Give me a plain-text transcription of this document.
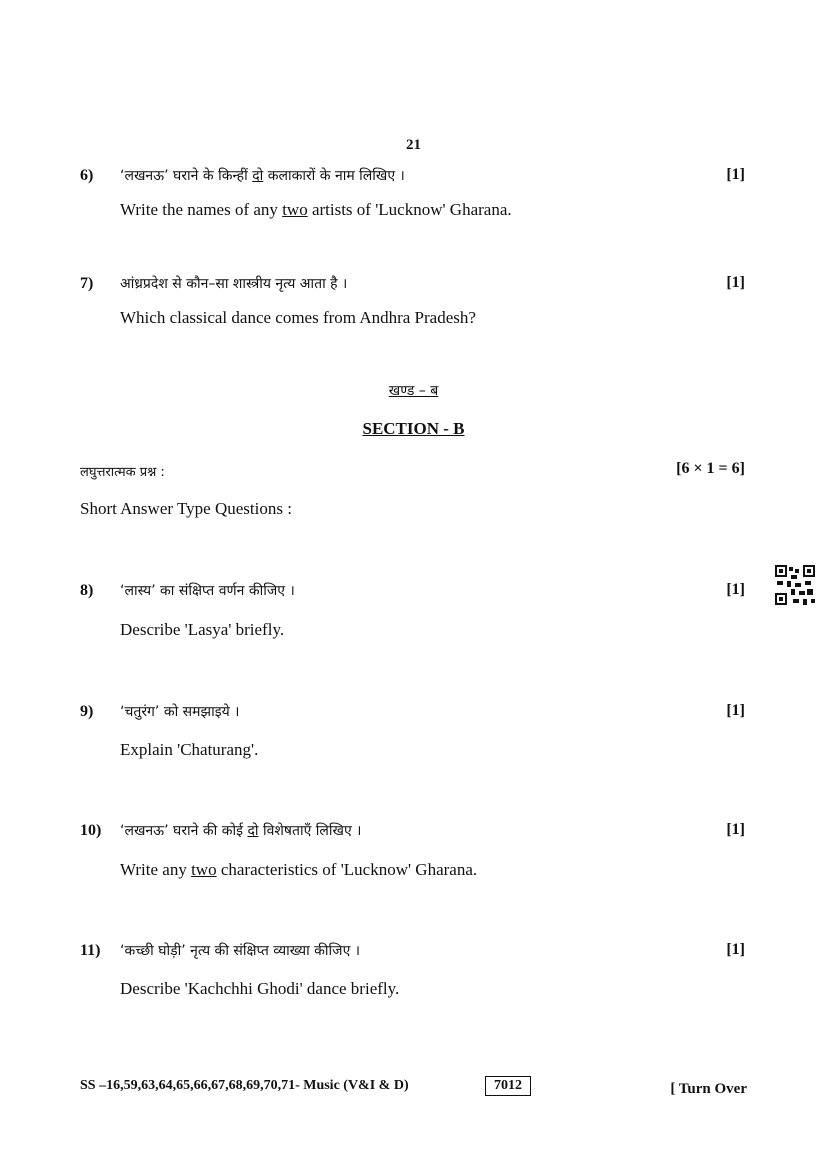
21
6) ‘लखनऊ’ घराने के किन्हीं दो कलाकारों के नाम लिखिए ।	[1]
Write the names of any two artists of 'Lucknow' Gharana.
7) आंध्रप्रदेश से कौन–सा शास्त्रीय नृत्य आता है ।	[1]
Which classical dance comes from Andhra Pradesh?
खण्ड – ब
SECTION - B
लघुत्तरात्मक प्रश्न :	[6 × 1 = 6]
Short Answer Type Questions :
8) ‘लास्य’ का संक्षिप्त वर्णन कीजिए ।	[1]
Describe 'Lasya' briefly.
9) ‘चतुरंग’ को समझाइये ।	[1]
Explain 'Chaturang'.
10) ‘लखनऊ’ घराने की कोई दो विशेषताएँ लिखिए ।	[1]
Write any two characteristics of 'Lucknow' Gharana.
11) ‘कच्छी घोड़ी’ नृत्य की संक्षिप्त व्याख्या कीजिए ।	[1]
Describe 'Kachchhi Ghodi' dance briefly.
SS –16,59,63,64,65,66,67,68,69,70,71- Music (V&I & D)	7012	[ Turn Over
